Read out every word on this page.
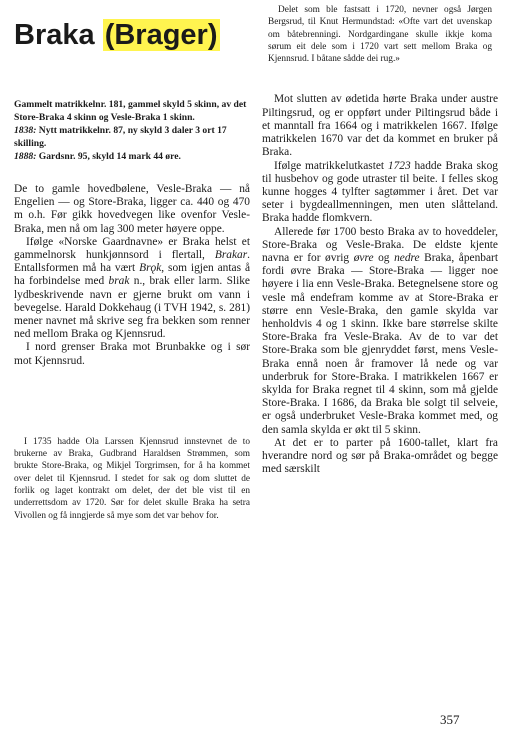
Braka (Brager)

Gammelt matrikkelnr. 181, gammel skyld 5 skinn, av det Store-Braka 4 skinn og Vesle-Braka 1 skinn.

1838: Nytt matrikkelnr. 87, ny skyld 3 daler 3 ort 17 skilling.

1888: Gardsnr. 95, skyld 14 mark 44 øre.

De to gamle hovedbølene, Vesle-Braka — nå Engelien — og Store-Braka, ligger ca. 440 og 470 m o.h. Før gikk hovedvegen like ovenfor Vesle-Braka, men nå om lag 300 meter høyere oppe.

Ifølge «Norske Gaardnavne» er Braka helst et gammelnorsk hunkjønnsord i flertall, Brakar. Entallsformen må ha vært Brǫk, som igjen antas å ha forbindelse med brak n., brak eller larm. Slike lydbeskrivende navn er gjerne brukt om vann i bevegelse. Harald Dokkehaug (i TVH 1942, s. 281) mener navnet må skrive seg fra bekken som renner ned mellom Braka og Kjennsrud.

I nord grenser Braka mot Brunbakke og i sør mot Kjennsrud.

I 1735 hadde Ola Larssen Kjennsrud innstevnet de to brukerne av Braka, Gudbrand Haraldsen Strømmen, som brukte Store-Braka, og Mikjel Torgrimsen, for å ha kommet over delet til Kjennsrud. I stedet for sak og dom sluttet de forlik og laget kontrakt om delet, der det ble vist til en underrettsdom av 1720. Sør for delet skulle Braka ha setra Vivollen og få inngjerde så mye som det var behov for.

Delet som ble fastsatt i 1720, nevner også Jørgen Bergsrud, til Knut Hermundstad: «Ofte vart det uvenskap om båtebrenningi. Nordgardingane skulle ikkje koma sørum eit dele som i 1720 vart sett mellom Braka og Kjennsrud. I båtane sådde dei rug.»

Mot slutten av ødetida hørte Braka under austre Piltingsrud, og er oppført under Piltingsrud både i et manntall fra 1664 og i matrikkelen 1667. Ifølge matrikkelen 1670 var det da kommet en bruker på Braka.

Ifølge matrikkelutkastet 1723 hadde Braka skog til husbehov og gode utraster til beite. I felles skog kunne hogges 4 tylfter sagtømmer i året. Det var seter i bygdeallmenningen, men uten slåtteland. Braka hadde flomkvern.

Allerede før 1700 besto Braka av to hoveddeler, Store-Braka og Vesle-Braka. De eldste kjente navna er for øvrig øvre og nedre Braka, åpenbart fordi øvre Braka — Store-Braka — ligger noe høyere i lia enn Vesle-Braka. Betegnelsene store og vesle må endefram komme av at Store-Braka er større enn Vesle-Braka, den gamle skylda var henholdvis 4 og 1 skinn. Ikke bare størrelse skilte Store-Braka fra Vesle-Braka. Av de to var det Store-Braka som ble gjenryddet først, mens Vesle-Braka ennå noen år framover lå nede og var underbruk for Store-Braka. I matrikkelen 1667 er skylda for Braka regnet til 4 skinn, som må gjelde Store-Braka. I 1686, da Braka ble solgt til selveie, er også underbruket Vesle-Braka kommet med, og den samla skylda er økt til 5 skinn.

At det er to parter på 1600-tallet, klart fra hverandre nord og sør på Braka-området og begge med særskilt

357
